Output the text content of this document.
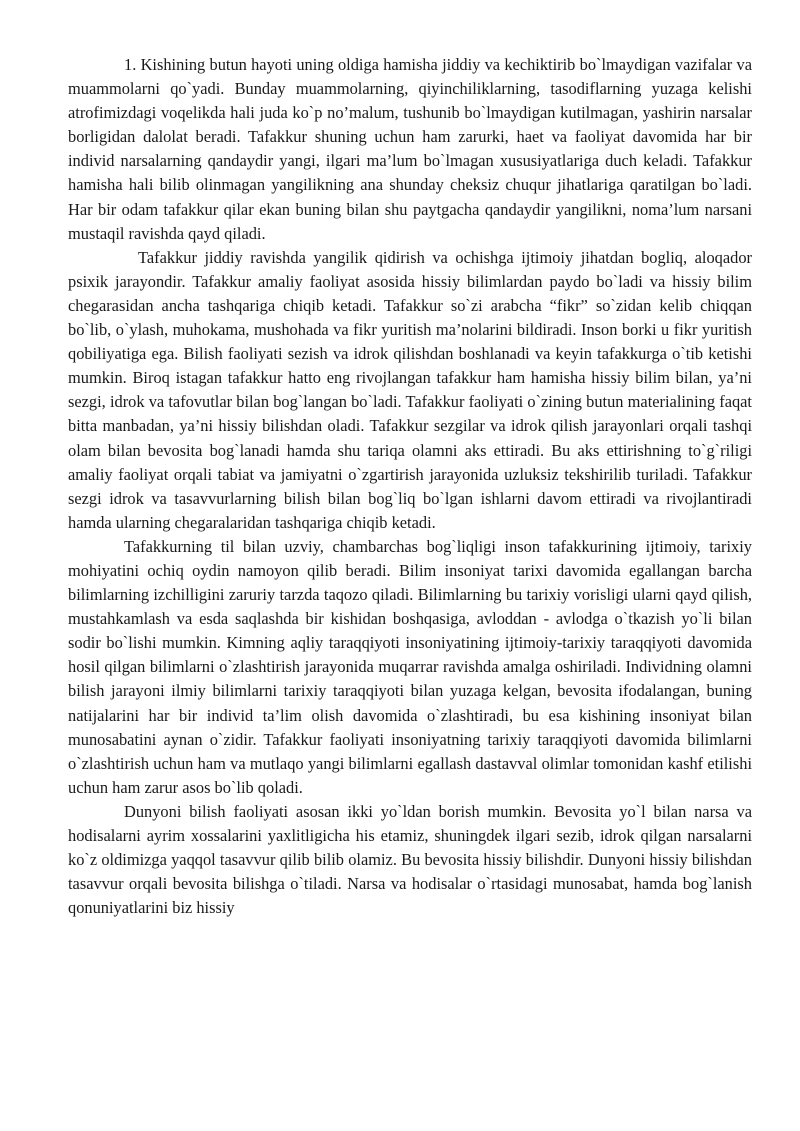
1. Kishining butun hayoti uning oldiga hamisha jiddiy va kechiktirib bo`lmaydigan vazifalar va muammolarni qo`yadi. Bunday muammolarning, qiyinchiliklarning, tasodiflarning yuzaga kelishi atrofimizdagi voqelikda hali juda ko`p no’malum, tushunib bo`lmaydigan kutilmagan, yashirin narsalar borligidan dalolat beradi. Tafakkur shuning uchun ham zarurki, haet va faoliyat davomida har bir individ narsalarning qandaydir yangi, ilgari ma’lum bo`lmagan xususiyatlariga duch keladi. Tafakkur hamisha hali bilib olinmagan yangilikning ana shunday cheksiz chuqur jihatlariga qaratilgan bo`ladi. Har bir odam tafakkur qilar ekan buning bilan shu paytgacha qandaydir yangilikni, noma’lum narsani mustaqil ravishda qayd qiladi.

Tafakkur jiddiy ravishda yangilik qidirish va ochishga ijtimoiy jihatdan bogliq, aloqador psixik jarayondir. Tafakkur amaliy faoliyat asosida hissiy bilimlardan paydo bo`ladi va hissiy bilim chegarasidan ancha tashqariga chiqib ketadi. Tafakkur so`zi arabcha “fikr” so`zidan kelib chiqqan bo`lib, o`ylash, muhokama, mushohada va fikr yuritish ma’nolarini bildiradi. Inson borki u fikr yuritish qobiliyatiga ega. Bilish faoliyati sezish va idrok qilishdan boshlanadi va keyin tafakkurga o`tib ketishi mumkin. Biroq istagan tafakkur hatto eng rivojlangan tafakkur ham hamisha hissiy bilim bilan, ya’ni sezgi, idrok va tafovutlar bilan bog`langan bo`ladi. Tafakkur faoliyati o`zining butun materialining faqat bitta manbadan, ya’ni hissiy bilishdan oladi. Tafakkur sezgilar va idrok qilish jarayonlari orqali tashqi olam bilan bevosita bog`lanadi hamda shu tariqa olamni aks ettiradi. Bu aks ettirishning to`g`riligi amaliy faoliyat orqali tabiat va jamiyatni o`zgartirish jarayonida uzluksiz tekshirilib turiladi. Tafakkur sezgi idrok va tasavvurlarning bilish bilan bog`liq bo`lgan ishlarni davom ettiradi va rivojlantiradi hamda ularning chegaralaridan tashqariga chiqib ketadi.

Tafakkurning til bilan uzviy, chambarchas bog`liqligi inson tafakkurining ijtimoiy, tarixiy mohiyatini ochiq oydin namoyon qilib beradi. Bilim insoniyat tarixi davomida egallangan barcha bilimlarning izchilligini zaruriy tarzda taqozo qiladi. Bilimlarning bu tarixiy vorisligi ularni qayd qilish, mustahkamlash va esda saqlashda bir kishidan boshqasiga, avloddan - avlodga o`tkazish yo`li bilan sodir bo`lishi mumkin. Kimning aqliy taraqqiyoti insoniyatining ijtimoiy-tarixiy taraqqiyoti davomida hosil qilgan bilimlarni o`zlashtirish jarayonida muqarrar ravishda amalga oshiriladi. Individning olamni bilish jarayoni ilmiy bilimlarni tarixiy taraqqiyoti bilan yuzaga kelgan, bevosita ifodalangan, buning natijalarini har bir individ ta’lim olish davomida o`zlashtiradi, bu esa kishining insoniyat bilan munosabatini aynan o`zidir. Tafakkur faoliyati insoniyatning tarixiy taraqqiyoti davomida bilimlarni o`zlashtirish uchun ham va mutlaqo yangi bilimlarni egallash dastavval olimlar tomonidan kashf etilishi uchun ham zarur asos bo`lib qoladi.

Dunyoni bilish faoliyati asosan ikki yo`ldan borish mumkin. Bevosita yo`l bilan narsa va hodisalarni ayrim xossalarini yaxlitligicha his etamiz, shuningdek ilgari sezib, idrok qilgan narsalarni ko`z oldimizga yaqqol tasavvur qilib bilib olamiz. Bu bevosita hissiy bilishdir. Dunyoni hissiy bilishdan tasavvur orqali bevosita bilishga o`tiladi. Narsa va hodisalar o`rtasidagi munosabat, hamda bog`lanish qonuniyatlarini biz hissiy
